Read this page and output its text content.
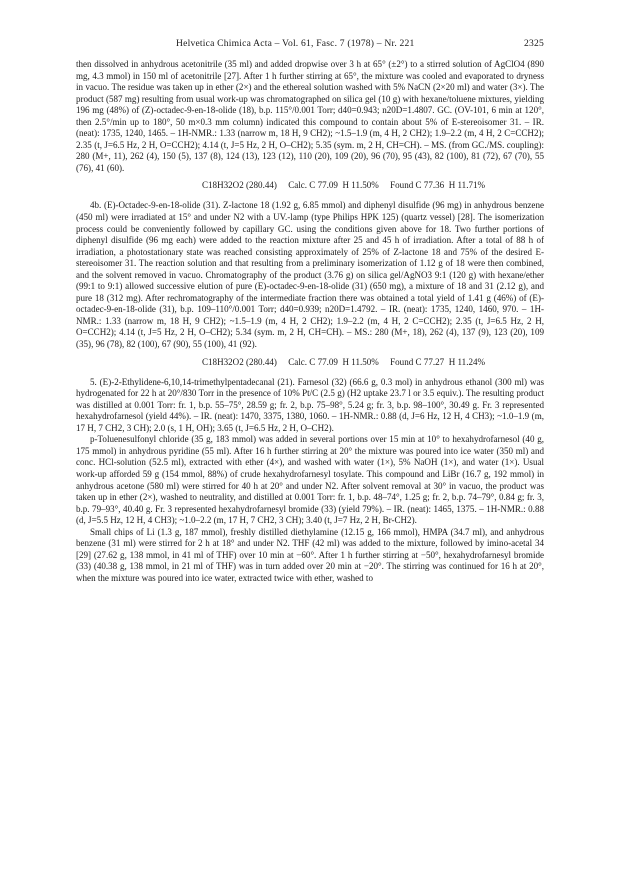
Helvetica Chimica Acta – Vol. 61, Fasc. 7 (1978) – Nr. 221	2325

then dissolved in anhydrous acetonitrile (35 ml) and added dropwise over 3 h at 65° (±2°) to a stirred solution of AgClO4 (890 mg, 4.3 mmol) in 150 ml of acetonitrile [27]. After 1 h further stirring at 65°, the mixture was cooled and evaporated to dryness in vacuo. The residue was taken up in ether (2×) and the ethereal solution washed with 5% NaCN (2×20 ml) and water (3×). The product (587 mg) resulting from usual work-up was chromatographed on silica gel (10 g) with hexane/toluene mixtures, yielding 196 mg (48%) of (Z)-octadec-9-en-18-olide (18), b.p. 115°/0.001 Torr; d40=0.943; n20D=1.4807. GC. (OV-101, 6 min at 120°, then 2.5°/min up to 180°, 50 m×0.3 mm column) indicated this compound to contain about 5% of E-stereoisomer 31. – IR. (neat): 1735, 1240, 1465. – 1H-NMR.: 1.33 (narrow m, 18 H, 9 CH2); ~1.5–1.9 (m, 4 H, 2 CH2); 1.9–2.2 (m, 4 H, 2 C=CCH2); 2.35 (t, J=6.5 Hz, 2 H, O=CCH2); 4.14 (t, J=5 Hz, 2 H, O–CH2); 5.35 (sym. m, 2 H, CH=CH). – MS. (from GC./MS. coupling): 280 (M+, 11), 262 (4), 150 (5), 137 (8), 124 (13), 123 (12), 110 (20), 109 (20), 96 (70), 95 (43), 82 (100), 81 (72), 67 (70), 55 (76), 41 (60).

C18H32O2 (280.44)     Calc. C 77.09  H 11.50%     Found C 77.36  H 11.71%

4b. (E)-Octadec-9-en-18-olide (31). Z-lactone 18 (1.92 g, 6.85 mmol) and diphenyl disulfide (96 mg) in anhydrous benzene (450 ml) were irradiated at 15° and under N2 with a UV.-lamp (type Philips HPK 125) (quartz vessel) [28]. The isomerization process could be conveniently followed by capillary GC. using the conditions given above for 18. Two further portions of diphenyl disulfide (96 mg each) were added to the reaction mixture after 25 and 45 h of irradiation. After a total of 88 h of irradiation, a photostationary state was reached consisting approximately of 25% of Z-lactone 18 and 75% of the desired E-stereoisomer 31. The reaction solution and that resulting from a preliminary isomerization of 1.12 g of 18 were then combined, and the solvent removed in vacuo. Chromatography of the product (3.76 g) on silica gel/AgNO3 9:1 (120 g) with hexane/ether (99:1 to 9:1) allowed successive elution of pure (E)-octadec-9-en-18-olide (31) (650 mg), a mixture of 18 and 31 (2.12 g), and pure 18 (312 mg). After rechromatography of the intermediate fraction there was obtained a total yield of 1.41 g (46%) of (E)-octadec-9-en-18-olide (31), b.p. 109–110°/0.001 Torr; d40=0.939; n20D=1.4792. – IR. (neat): 1735, 1240, 1460, 970. – 1H-NMR.: 1.33 (narrow m, 18 H, 9 CH2); ~1.5–1.9 (m, 4 H, 2 CH2); 1.9–2.2 (m, 4 H, 2 C=CCH2); 2.35 (t, J=6.5 Hz, 2 H, O=CCH2); 4.14 (t, J=5 Hz, 2 H, O–CH2); 5.34 (sym. m, 2 H, CH=CH). – MS.: 280 (M+, 18), 262 (4), 137 (9), 123 (20), 109 (35), 96 (78), 82 (100), 67 (90), 55 (100), 41 (92).

C18H32O2 (280.44)     Calc. C 77.09  H 11.50%     Found C 77.27  H 11.24%

5. (E)-2-Ethylidene-6,10,14-trimethylpentadecanal (21). Farnesol (32) (66.6 g, 0.3 mol) in anhydrous ethanol (300 ml) was hydrogenated for 22 h at 20°/830 Torr in the presence of 10% Pt/C (2.5 g) (H2 uptake 23.7 l or 3.5 equiv.). The resulting product was distilled at 0.001 Torr: fr. 1, b.p. 55–75°, 28.59 g; fr. 2, b.p. 75–98°, 5.24 g; fr. 3, b.p. 98–100°, 30.49 g. Fr. 3 represented hexahydrofarnesol (yield 44%). – IR. (neat): 1470, 3375, 1380, 1060. – 1H-NMR.: 0.88 (d, J=6 Hz, 12 H, 4 CH3); ~1.0–1.9 (m, 17 H, 7 CH2, 3 CH); 2.0 (s, 1 H, OH); 3.65 (t, J=6.5 Hz, 2 H, O–CH2).

p-Toluenesulfonyl chloride (35 g, 183 mmol) was added in several portions over 15 min at 10° to hexahydrofarnesol (40 g, 175 mmol) in anhydrous pyridine (55 ml). After 16 h further stirring at 20° the mixture was poured into ice water (350 ml) and conc. HCl-solution (52.5 ml), extracted with ether (4×), and washed with water (1×), 5% NaOH (1×), and water (1×). Usual work-up afforded 59 g (154 mmol, 88%) of crude hexahydrofarnesyl tosylate. This compound and LiBr (16.7 g, 192 mmol) in anhydrous acetone (580 ml) were stirred for 40 h at 20° and under N2. After solvent removal at 30° in vacuo, the product was taken up in ether (2×), washed to neutrality, and distilled at 0.001 Torr: fr. 1, b.p. 48–74°, 1.25 g; fr. 2, b.p. 74–79°, 0.84 g; fr. 3, b.p. 79–93°, 40.40 g. Fr. 3 represented hexahydrofarnesyl bromide (33) (yield 79%). – IR. (neat): 1465, 1375. – 1H-NMR.: 0.88 (d, J=5.5 Hz, 12 H, 4 CH3); ~1.0–2.2 (m, 17 H, 7 CH2, 3 CH); 3.40 (t, J=7 Hz, 2 H, Br-CH2).

Small chips of Li (1.3 g, 187 mmol), freshly distilled diethylamine (12.15 g, 166 mmol), HMPA (34.7 ml), and anhydrous benzene (31 ml) were stirred for 2 h at 18° and under N2. THF (42 ml) was added to the mixture, followed by imino-acetal 34 [29] (27.62 g, 138 mmol, in 41 ml of THF) over 10 min at −60°. After 1 h further stirring at −50°, hexahydrofarnesyl bromide (33) (40.38 g, 138 mmol, in 21 ml of THF) was in turn added over 20 min at −20°. The stirring was continued for 16 h at 20°, when the mixture was poured into ice water, extracted twice with ether, washed to
